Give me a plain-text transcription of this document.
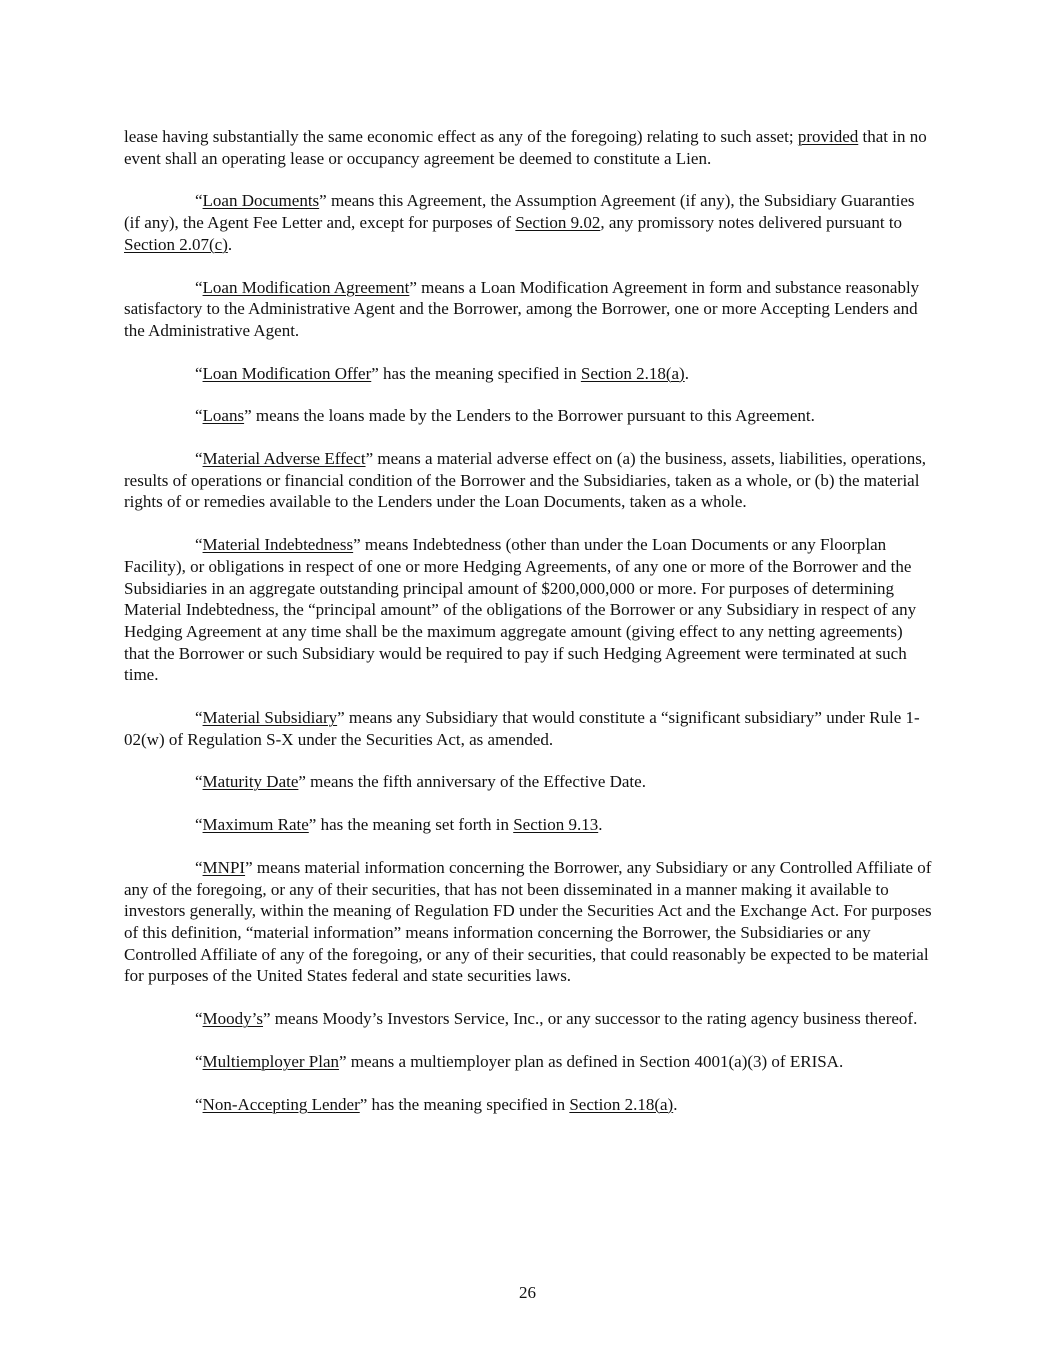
lease having substantially the same economic effect as any of the foregoing) relating to such asset; provided that in no event shall an operating lease or occupancy agreement be deemed to constitute a Lien.

“Loan Documents” means this Agreement, the Assumption Agreement (if any), the Subsidiary Guaranties (if any), the Agent Fee Letter and, except for purposes of Section 9.02, any promissory notes delivered pursuant to Section 2.07(c).

“Loan Modification Agreement” means a Loan Modification Agreement in form and substance reasonably satisfactory to the Administrative Agent and the Borrower, among the Borrower, one or more Accepting Lenders and the Administrative Agent.

“Loan Modification Offer” has the meaning specified in Section 2.18(a).

“Loans” means the loans made by the Lenders to the Borrower pursuant to this Agreement.

“Material Adverse Effect” means a material adverse effect on (a) the business, assets, liabilities, operations, results of operations or financial condition of the Borrower and the Subsidiaries, taken as a whole, or (b) the material rights of or remedies available to the Lenders under the Loan Documents, taken as a whole.

“Material Indebtedness” means Indebtedness (other than under the Loan Documents or any Floorplan Facility), or obligations in respect of one or more Hedging Agreements, of any one or more of the Borrower and the Subsidiaries in an aggregate outstanding principal amount of $200,000,000 or more. For purposes of determining Material Indebtedness, the “principal amount” of the obligations of the Borrower or any Subsidiary in respect of any Hedging Agreement at any time shall be the maximum aggregate amount (giving effect to any netting agreements) that the Borrower or such Subsidiary would be required to pay if such Hedging Agreement were terminated at such time.

“Material Subsidiary” means any Subsidiary that would constitute a “significant subsidiary” under Rule 1-02(w) of Regulation S-X under the Securities Act, as amended.

“Maturity Date” means the fifth anniversary of the Effective Date.

“Maximum Rate” has the meaning set forth in Section 9.13.

“MNPI” means material information concerning the Borrower, any Subsidiary or any Controlled Affiliate of any of the foregoing, or any of their securities, that has not been disseminated in a manner making it available to investors generally, within the meaning of Regulation FD under the Securities Act and the Exchange Act. For purposes of this definition, “material information” means information concerning the Borrower, the Subsidiaries or any Controlled Affiliate of any of the foregoing, or any of their securities, that could reasonably be expected to be material for purposes of the United States federal and state securities laws.

“Moody’s” means Moody’s Investors Service, Inc., or any successor to the rating agency business thereof.

“Multiemployer Plan” means a multiemployer plan as defined in Section 4001(a)(3) of ERISA.

“Non-Accepting Lender” has the meaning specified in Section 2.18(a).

26
